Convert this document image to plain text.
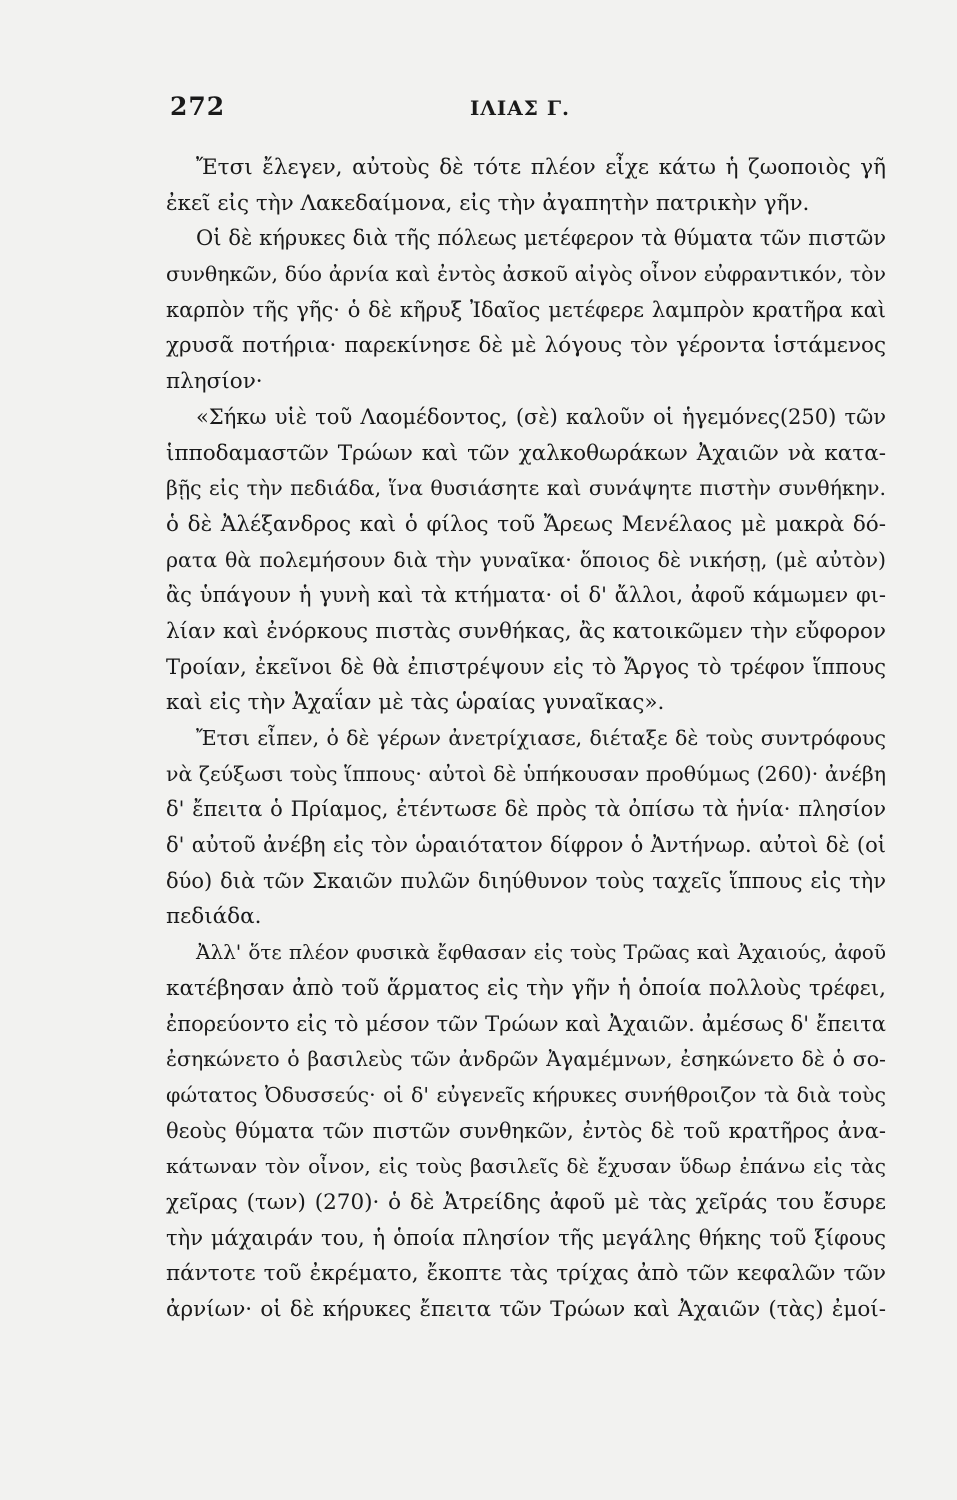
272	ΙΛΙΑΣ Γ.
Ἔτσι ἔλεγεν, αὐτοὺς δὲ τότε πλέον εἶχε κάτω ἡ ζωοποιὸς γῆ
ἐκεῖ εἰς τὴν Λακεδαίμονα, εἰς τὴν ἀγαπητὴν πατρικὴν γῆν.
Οἱ δὲ κήρυκες διὰ τῆς πόλεως μετέφερον τὰ θύματα τῶν πιστῶν
συνθηκῶν, δύο ἀρνία καὶ ἐντὸς ἀσκοῦ αἰγὸς οἶνον εὐφραντικόν, τὸν
καρπὸν τῆς γῆς· ὁ δὲ κῆρυξ Ἰδαῖος μετέφερε λαμπρὸν κρατῆρα καὶ
χρυσᾶ ποτήρια· παρεκίνησε δὲ μὲ λόγους τὸν γέροντα ἱστάμενος
πλησίον·
«Σήκω υἱὲ τοῦ Λαομέδοντος, (σὲ) καλοῦν οἱ ἡγεμόνες(250) τῶν
ἱπποδαμαστῶν Τρώων καὶ τῶν χαλκοθωράκων Ἀχαιῶν νὰ κατα-
βῇς εἰς τὴν πεδιάδα, ἵνα θυσιάσητε καὶ συνάψητε πιστὴν συνθήκην.
ὁ δὲ Ἀλέξανδρος καὶ ὁ φίλος τοῦ Ἄρεως Μενέλαος μὲ μακρὰ δό-
ρατα θὰ πολεμήσουν διὰ τὴν γυναῖκα· ὅποιος δὲ νικήσῃ, (μὲ αὐτὸν)
ἂς ὑπάγουν ἡ γυνὴ καὶ τὰ κτήματα· οἱ δ' ἄλλοι, ἀφοῦ κάμωμεν φι-
λίαν καὶ ἐνόρκους πιστὰς συνθήκας, ἂς κατοικῶμεν τὴν εὔφορον
Τροίαν, ἐκεῖνοι δὲ θὰ ἐπιστρέψουν εἰς τὸ Ἄργος τὸ τρέφον ἵππους
καὶ εἰς τὴν Ἀχαΐαν μὲ τὰς ὡραίας γυναῖκας».
Ἔτσι εἶπεν, ὁ δὲ γέρων ἀνετρίχιασε, διέταξε δὲ τοὺς συντρόφους
νὰ ζεύξωσι τοὺς ἵππους· αὐτοὶ δὲ ὑπήκουσαν προθύμως (260)· ἀνέβη
δ' ἔπειτα ὁ Πρίαμος, ἐτέντωσε δὲ πρὸς τὰ ὀπίσω τὰ ἡνία· πλησίον
δ' αὐτοῦ ἀνέβη εἰς τὸν ὡραιότατον δίφρον ὁ Ἀντήνωρ. αὐτοὶ δὲ (οἱ
δύο) διὰ τῶν Σκαιῶν πυλῶν διηύθυνον τοὺς ταχεῖς ἵππους εἰς τὴν
πεδιάδα.
Ἀλλ' ὅτε πλέον φυσικὰ ἔφθασαν εἰς τοὺς Τρῶας καὶ Ἀχαιούς, ἀφοῦ
κατέβησαν ἀπὸ τοῦ ἅρματος εἰς τὴν γῆν ἡ ὁποία πολλοὺς τρέφει,
ἐπορεύοντο εἰς τὸ μέσον τῶν Τρώων καὶ Ἀχαιῶν. ἀμέσως δ' ἔπειτα
ἐσηκώνετο ὁ βασιλεὺς τῶν ἀνδρῶν Ἀγαμέμνων, ἐσηκώνετο δὲ ὁ σο-
φώτατος Ὀδυσσεύς· οἱ δ' εὐγενεῖς κήρυκες συνήθροιζον τὰ διὰ τοὺς
θεοὺς θύματα τῶν πιστῶν συνθηκῶν, ἐντὸς δὲ τοῦ κρατῆρος ἀνα-
κάτωναν τὸν οἶνον, εἰς τοὺς βασιλεῖς δὲ ἔχυσαν ὕδωρ ἐπάνω εἰς τὰς
χεῖρας (των) (270)· ὁ δὲ Ἀτρείδης ἀφοῦ μὲ τὰς χεῖράς του ἔσυρε
τὴν μάχαιράν του, ἡ ὁποία πλησίον τῆς μεγάλης θήκης τοῦ ξίφους
πάντοτε τοῦ ἐκρέματο, ἔκοπτε τὰς τρίχας ἀπὸ τῶν κεφαλῶν τῶν
ἀρνίων· οἱ δὲ κήρυκες ἔπειτα τῶν Τρώων καὶ Ἀχαιῶν (τὰς) ἐμοί-
